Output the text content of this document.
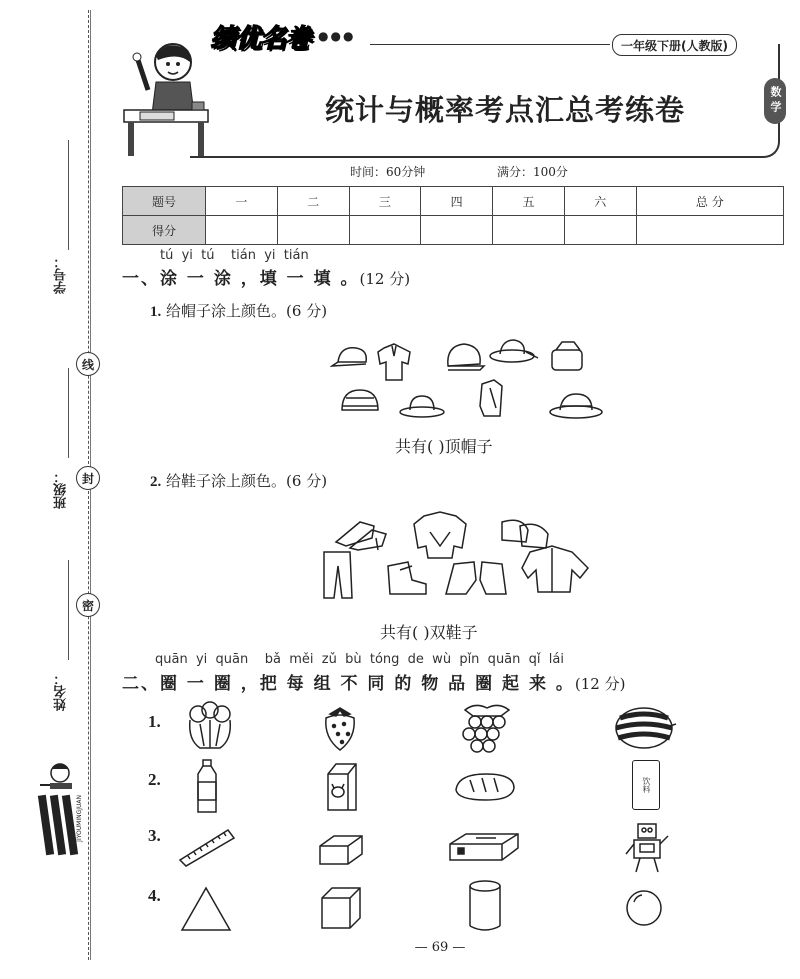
学号：
线
班级：	封
密
姓名：
JIYOUMINGJUAN
绩优名卷 ●●●
一年级下册(人教版)
数学
统计与概率考点汇总考练卷
时间：60分钟	满分：100分
题号	一	二	三	四	五	六	总 分
得分							
tú  yi  tú    tián  yi  tián
一、涂 一 涂 ，填 一 填 。(12 分)
1. 给帽子涂上颜色。(6 分)
共有( )顶帽子
2. 给鞋子涂上颜色。(6 分)
共有( )双鞋子
quān  yi  quān    bǎ  měi  zǔ  bù  tóng  de  wù  pǐn  quān  qǐ  lái
二、圈 一 圈 ，把 每 组 不 同 的 物 品 圈 起 来 。(12 分)
1.
2.
3.
4.
饮料
— 69 —
